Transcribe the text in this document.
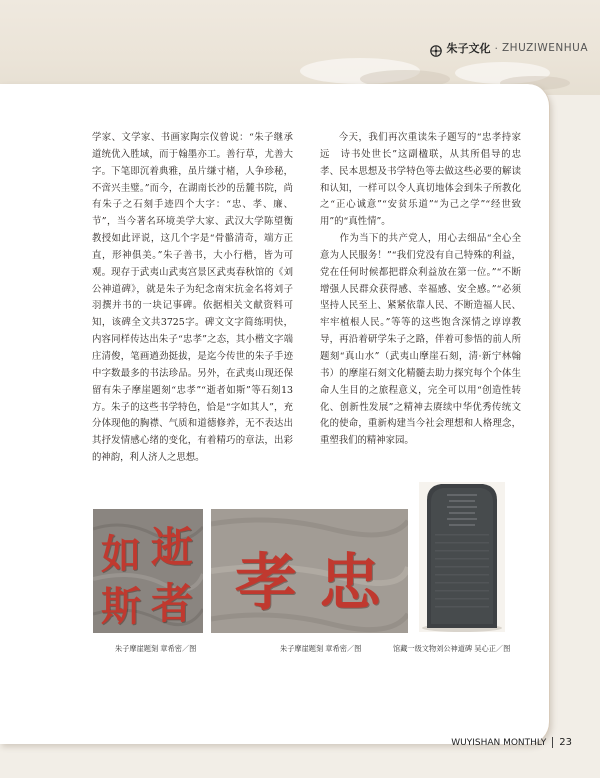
朱子文化 · ZHUZIWENHUA

学家、文学家、书画家陶宗仪曾说：“朱子继承道统优入胜域，而于翰墨亦工。善行草，尤善大字。下笔即沉着典雅，虽片缣寸楮，人争珍秘，不啻兴圭璧。”而今，在湖南长沙的岳麓书院，尚有朱子之石刻手迹四个大字：“忠、孝、廉、节”，当今著名环境美学大家、武汉大学陈望衡教授如此评说，这几个字是“骨骼清奇，端方正直，形神俱美。”朱子善书，大小行楷，皆为可观。现存于武夷山武夷宫景区武夷春秋馆的《刘公神道碑》，就是朱子为纪念南宋抗金名将刘子羽撰并书的一块记事碑。依据相关文献资料可知，该碑全文共3725字。碑文文字简练明快，内容同样传达出朱子“忠孝”之态，其小楷文字端庄清俊，笔画遒劲挺拔，是迄今传世的朱子手迹中字数最多的书法珍品。另外，在武夷山现还保留有朱子摩崖题刻“忠孝”“逝者如斯”等石刻13方。朱子的这些书学特色，恰是“字如其人”，充分体现他的胸襟、气质和道德修养，无不表达出其抒发情感心绪的变化，有着精巧的章法，出彩的神韵，利人济人之思想。

今天，我们再次重读朱子题写的“忠孝持家远　诗书处世长”这副楹联，从其所倡导的忠孝、民本思想及书学特色等去做这些必要的解读和认知，一样可以令人真切地体会到朱子所教化之“正心诚意”“安贫乐道”“为己之学”“经世致用”的“真性情”。

　　作为当下的共产党人，用心去细品“全心全意为人民服务！”“我们党没有自己特殊的利益，党在任何时候都把群众利益放在第一位。”“不断增强人民群众获得感、幸福感、安全感。”“必须坚持人民至上、紧紧依靠人民、不断造福人民、牢牢植根人民。”等等的这些饱含深情之谆谆教导，再沿着研学朱子之路，伴着可参悟的前人所题刻“真山水”（武夷山摩崖石刻，清·新宁林翰书）的摩崖石刻文化精髓去助力探究每个个体生命人生目的之旅程意义，完全可以用“创造性转化、创新性发展”之精神去赓续中华优秀传统文化的使命，重新构建当今社会理想和人格理念，重塑我们的精神家园。

逝
如
者
斯 孝 忠
朱子摩崖题刻 章希密／图	朱子摩崖题刻 章希密／图	馆藏一级文物刘公神道碑 吴心正／图
WUYISHAN MONTHLY 23
